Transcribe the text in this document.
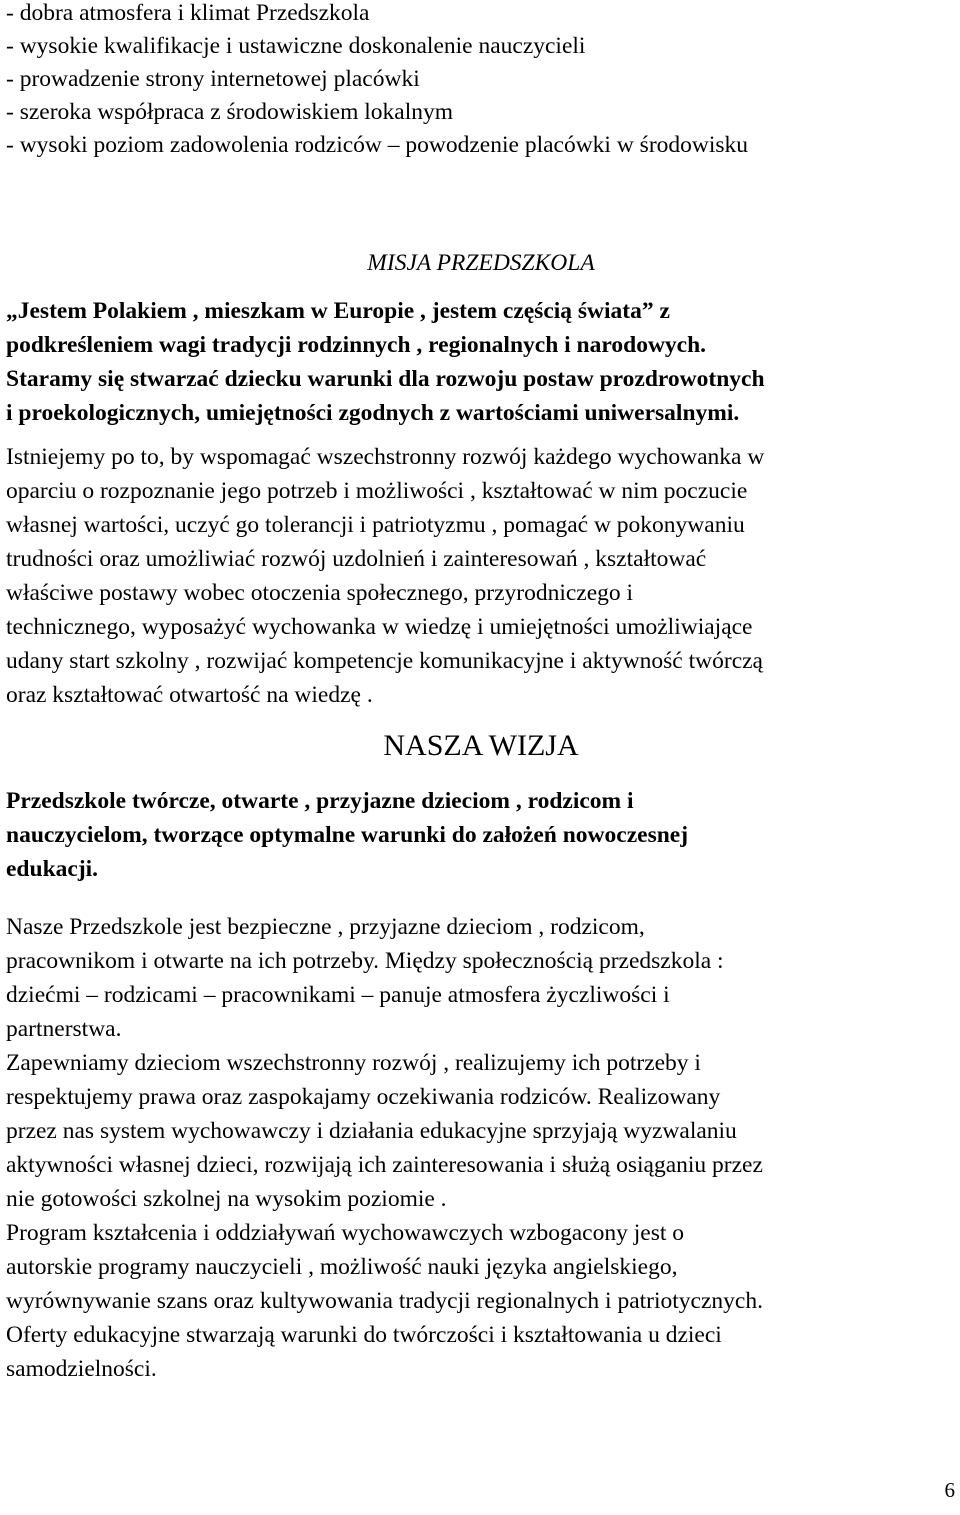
- dobra atmosfera i klimat Przedszkola

- wysokie kwalifikacje i ustawiczne doskonalenie nauczycieli

- prowadzenie strony internetowej placówki

- szeroka współpraca z środowiskiem lokalnym

- wysoki poziom zadowolenia rodziców – powodzenie placówki w środowisku

MISJA PRZEDSZKOLA

„Jestem Polakiem , mieszkam w Europie , jestem częścią świata” z

podkreśleniem wagi tradycji rodzinnych , regionalnych i narodowych.

Staramy się stwarzać dziecku warunki dla rozwoju postaw prozdrowotnych

i proekologicznych, umiejętności zgodnych z wartościami uniwersalnymi.

Istniejemy po to, by wspomagać wszechstronny rozwój każdego wychowanka w

oparciu o rozpoznanie jego potrzeb i możliwości , kształtować w nim poczucie

własnej wartości, uczyć go tolerancji i patriotyzmu , pomagać w pokonywaniu

trudności oraz umożliwiać rozwój uzdolnień i zainteresowań , kształtować

właściwe postawy wobec otoczenia społecznego, przyrodniczego i

technicznego, wyposażyć wychowanka w wiedzę i umiejętności umożliwiające

udany start szkolny , rozwijać kompetencje komunikacyjne i aktywność twórczą

oraz kształtować otwartość na wiedzę .

NASZA WIZJA

Przedszkole twórcze, otwarte , przyjazne dzieciom , rodzicom i

nauczycielom, tworzące optymalne warunki do założeń nowoczesnej

edukacji.

Nasze Przedszkole jest bezpieczne , przyjazne dzieciom , rodzicom,

pracownikom i otwarte na ich potrzeby. Między społecznością przedszkola :

dziećmi – rodzicami – pracownikami – panuje atmosfera życzliwości i

partnerstwa.

Zapewniamy dzieciom wszechstronny rozwój , realizujemy ich potrzeby i

respektujemy prawa oraz zaspokajamy oczekiwania rodziców. Realizowany

przez nas system wychowawczy i działania edukacyjne sprzyjają wyzwalaniu

aktywności własnej dzieci, rozwijają ich zainteresowania i służą osiąganiu przez

nie gotowości szkolnej na wysokim poziomie .

Program kształcenia i oddziaływań wychowawczych wzbogacony jest o

autorskie programy nauczycieli , możliwość nauki języka angielskiego,

wyrównywanie szans oraz kultywowania tradycji regionalnych i patriotycznych.

Oferty edukacyjne stwarzają warunki do twórczości i kształtowania u dzieci

samodzielności.

6
